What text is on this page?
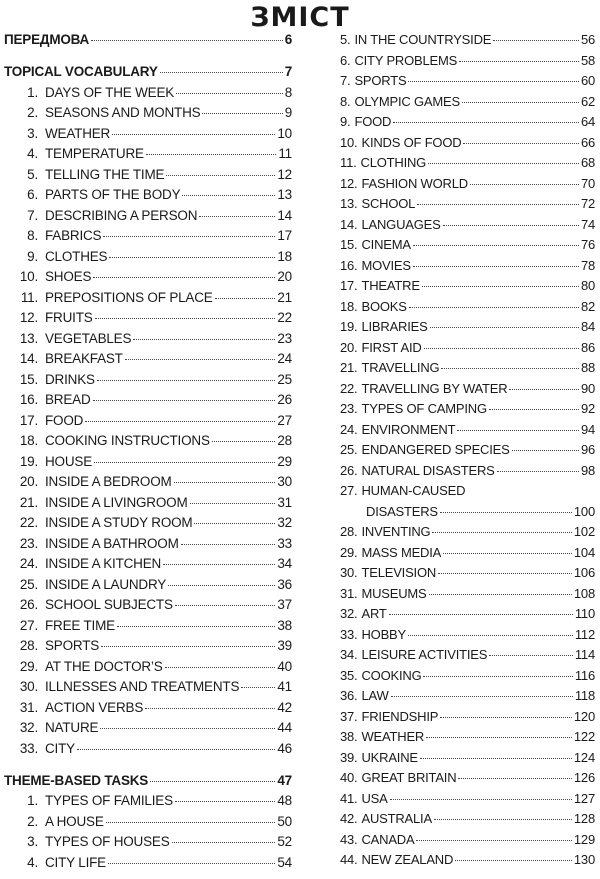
ЗМІСТ
ПЕРЕДМОВА	6
TOPICAL VOCABULARY	7
1. DAYS OF THE WEEK	8
2. SEASONS AND MONTHS	9
3. WEATHER	10
4. TEMPERATURE	11
5. TELLING THE TIME	12
6. PARTS OF THE BODY	13
7. DESCRIBING A PERSON	14
8. FABRICS	17
9. CLOTHES	18
10. SHOES	20
11. PREPOSITIONS OF PLACE	21
12. FRUITS	22
13. VEGETABLES	23
14. BREAKFAST	24
15. DRINKS	25
16. BREAD	26
17. FOOD	27
18. COOKING INSTRUCTIONS	28
19. HOUSE	29
20. INSIDE A BEDROOM	30
21. INSIDE A LIVINGROOM	31
22. INSIDE A STUDY ROOM	32
23. INSIDE A BATHROOM	33
24. INSIDE A KITCHEN	34
25. INSIDE A LAUNDRY	36
26. SCHOOL SUBJECTS	37
27. FREE TIME	38
28. SPORTS	39
29. AT THE DOCTOR’S	40
30. ILLNESSES AND TREATMENTS	41
31. ACTION VERBS	42
32. NATURE	44
33. CITY	46
THEME-BASED TASKS	47
1. TYPES OF FAMILIES	48
2. A HOUSE	50
3. TYPES OF HOUSES	52
4. CITY LIFE	54
5. IN THE COUNTRYSIDE	56
6. CITY PROBLEMS	58
7. SPORTS	60
8. OLYMPIC GAMES	62
9. FOOD	64
10. KINDS OF FOOD	66
11. CLOTHING	68
12. FASHION WORLD	70
13. SCHOOL	72
14. LANGUAGES	74
15. CINEMA	76
16. MOVIES	78
17. THEATRE	80
18. BOOKS	82
19. LIBRARIES	84
20. FIRST AID	86
21. TRAVELLING	88
22. TRAVELLING BY WATER	90
23. TYPES OF CAMPING	92
24. ENVIRONMENT	94
25. ENDANGERED SPECIES	96
26. NATURAL DISASTERS	98
27. HUMAN-CAUSED
DISASTERS	100
28. INVENTING	102
29. MASS MEDIA	104
30. TELEVISION	106
31. MUSEUMS	108
32. ART	110
33. HOBBY	112
34. LEISURE ACTIVITIES	114
35. COOKING	116
36. LAW	118
37. FRIENDSHIP	120
38. WEATHER	122
39. UKRAINE	124
40. GREAT BRITAIN	126
41. USA	127
42. AUSTRALIA	128
43. CANADA	129
44. NEW ZEALAND	130
